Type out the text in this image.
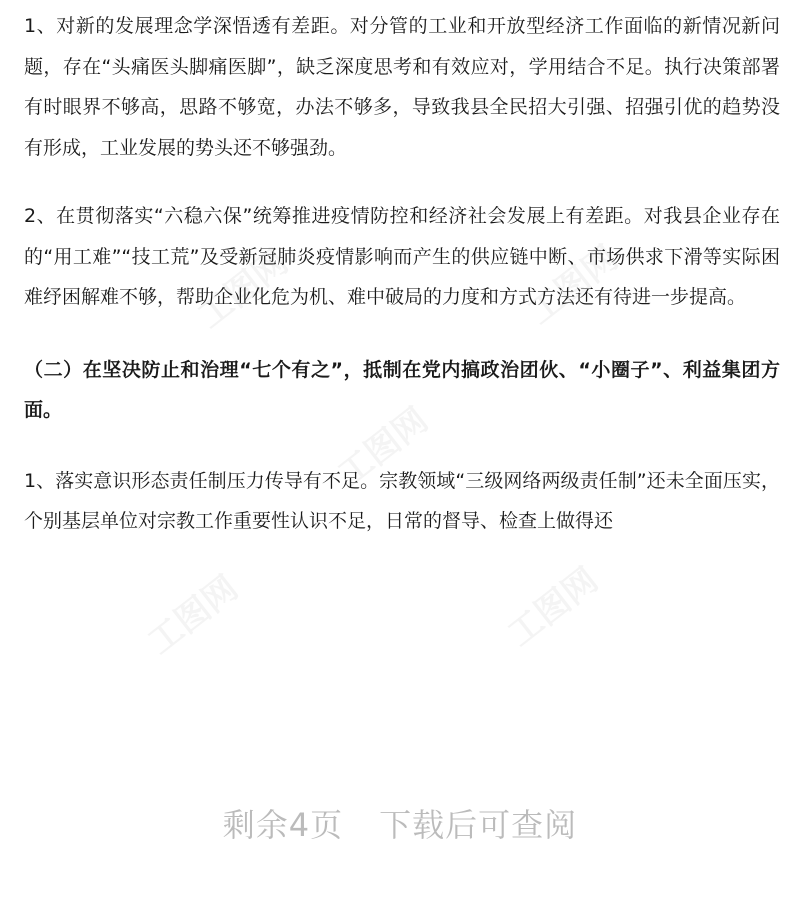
工图网	工图网
工图网
工图网	工图网

1、对新的发展理念学深悟透有差距。对分管的工业和开放型经济工作面临的新情况新问题，存在“头痛医头脚痛医脚”，缺乏深度思考和有效应对，学用结合不足。执行决策部署有时眼界不够高，思路不够宽，办法不够多，导致我县全民招大引强、招强引优的趋势没有形成，工业发展的势头还不够强劲。

2、在贯彻落实“六稳六保”统筹推进疫情防控和经济社会发展上有差距。对我县企业存在的“用工难”“技工荒”及受新冠肺炎疫情影响而产生的供应链中断、市场供求下滑等实际困难纾困解难不够，帮助企业化危为机、难中破局的力度和方式方法还有待进一步提高。

（二）在坚决防止和治理“七个有之”，抵制在党内搞政治团伙、“小圈子”、利益集团方面。

1、落实意识形态责任制压力传导有不足。宗教领域“三级网络两级责任制”还未全面压实，个别基层单位对宗教工作重要性认识不足，日常的督导、检查上做得还

剩余4页 下载后可查阅
